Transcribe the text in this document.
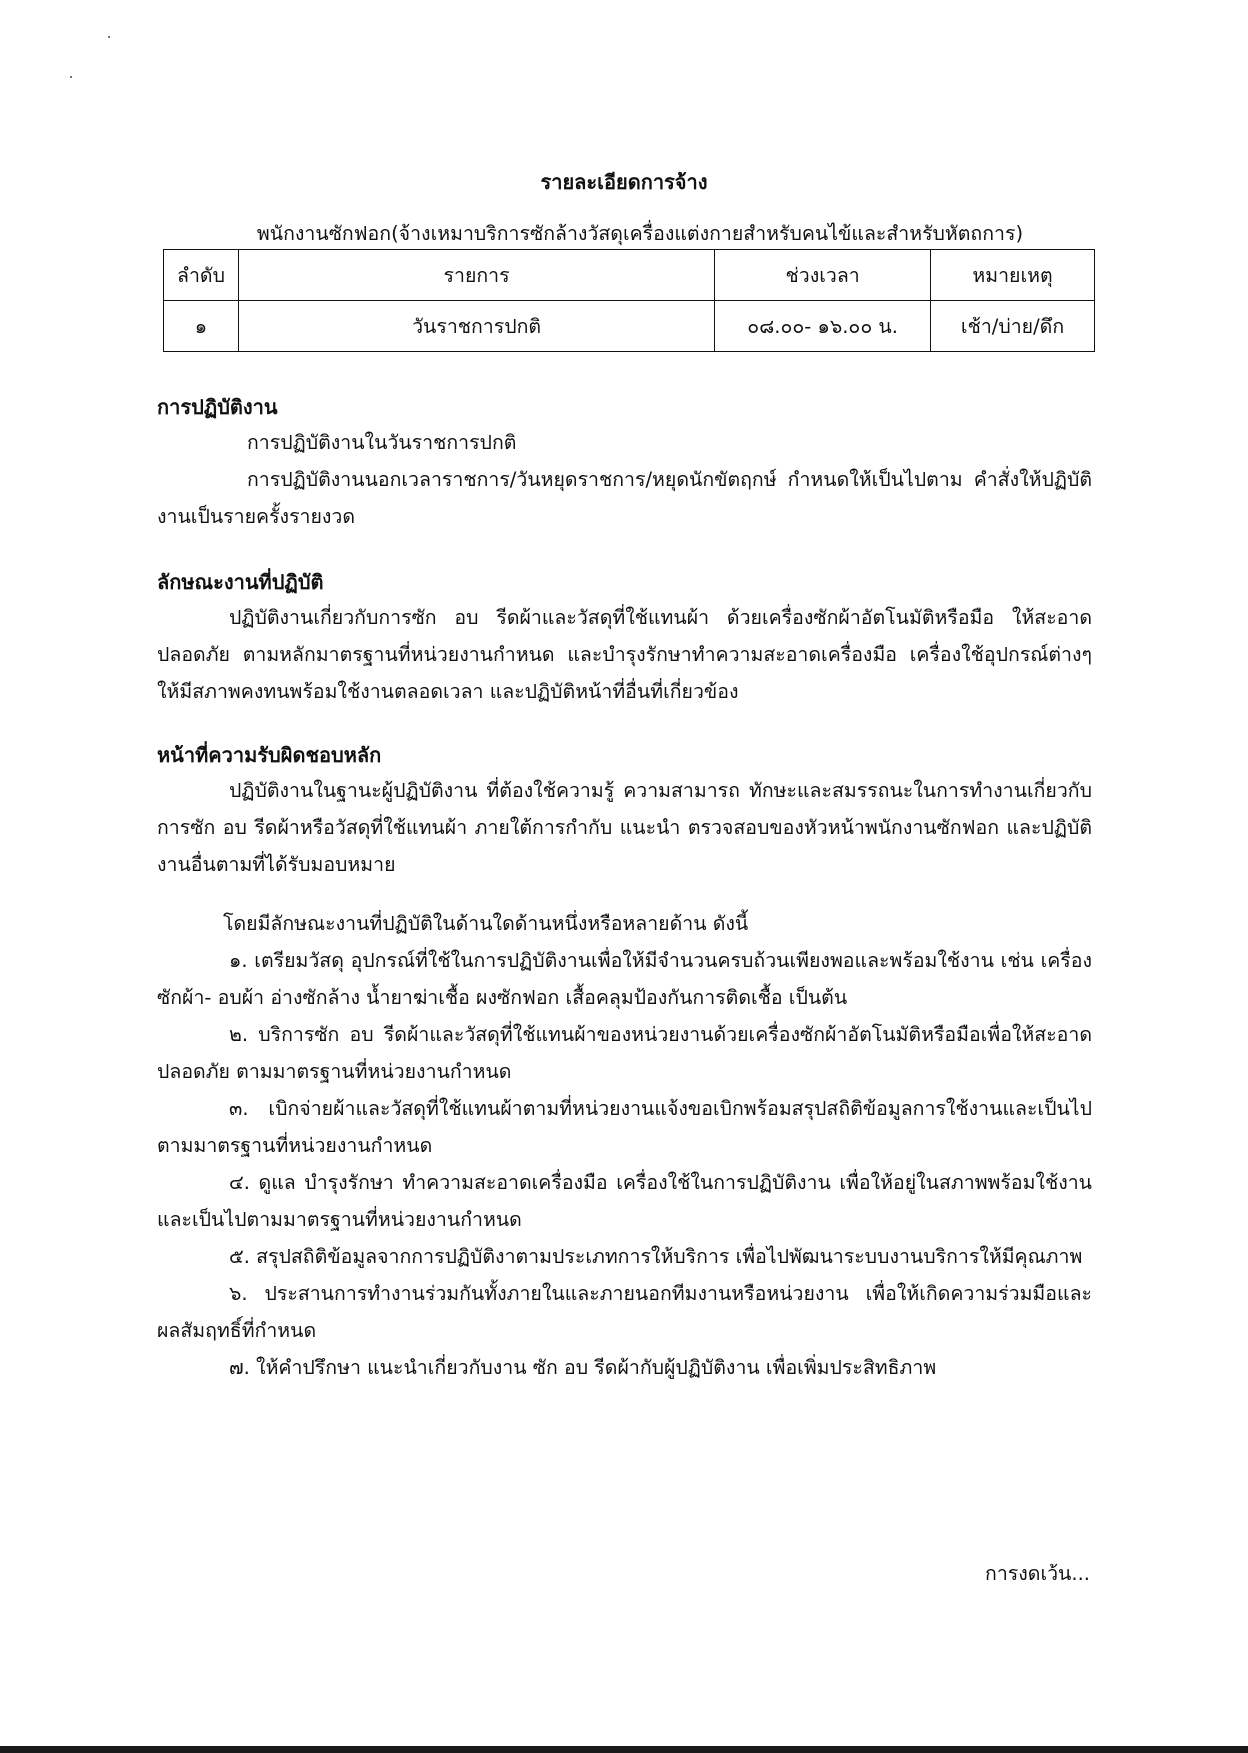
รายละเอียดการจ้าง
พนักงานซักฟอก(จ้างเหมาบริการซักล้างวัสดุเครื่องแต่งกายสำหรับคนไข้และสำหรับหัตถการ)
ลำดับ	รายการ	ช่วงเวลา	หมายเหตุ
๑	วันราชการปกติ	๐๘.๐๐- ๑๖.๐๐ น.	เช้า/บ่าย/ดึก

การปฏิบัติงาน

การปฏิบัติงานในวันราชการปกติ

การปฏิบัติงานนอกเวลาราชการ/วันหยุดราชการ/หยุดนักขัตฤกษ์ กำหนดให้เป็นไปตาม คำสั่งให้ปฏิบัติงานเป็นรายครั้งรายงวด

ลักษณะงานที่ปฏิบัติ

ปฏิบัติงานเกี่ยวกับการซัก อบ รีดผ้าและวัสดุที่ใช้แทนผ้า ด้วยเครื่องซักผ้าอัตโนมัติหรือมือ ให้สะอาด ปลอดภัย ตามหลักมาตรฐานที่หน่วยงานกำหนด และบำรุงรักษาทำความสะอาดเครื่องมือ เครื่องใช้อุปกรณ์ต่างๆให้มีสภาพคงทนพร้อมใช้งานตลอดเวลา และปฏิบัติหน้าที่อื่นที่เกี่ยวข้อง

หน้าที่ความรับผิดชอบหลัก

ปฏิบัติงานในฐานะผู้ปฏิบัติงาน ที่ต้องใช้ความรู้ ความสามารถ ทักษะและสมรรถนะในการทำงานเกี่ยวกับการซัก อบ รีดผ้าหรือวัสดุที่ใช้แทนผ้า ภายใต้การกำกับ แนะนำ ตรวจสอบของหัวหน้าพนักงานซักฟอก และปฏิบัติงานอื่นตามที่ได้รับมอบหมาย

โดยมีลักษณะงานที่ปฏิบัติในด้านใดด้านหนึ่งหรือหลายด้าน ดังนี้

๑. เตรียมวัสดุ อุปกรณ์ที่ใช้ในการปฏิบัติงานเพื่อให้มีจำนวนครบถ้วนเพียงพอและพร้อมใช้งาน เช่น เครื่องซักผ้า- อบผ้า อ่างซักล้าง น้ำยาฆ่าเชื้อ ผงซักฟอก เสื้อคลุมป้องกันการติดเชื้อ เป็นต้น

๒. บริการซัก อบ รีดผ้าและวัสดุที่ใช้แทนผ้าของหน่วยงานด้วยเครื่องซักผ้าอัตโนมัติหรือมือเพื่อให้สะอาด ปลอดภัย ตามมาตรฐานที่หน่วยงานกำหนด

๓. เบิกจ่ายผ้าและวัสดุที่ใช้แทนผ้าตามที่หน่วยงานแจ้งขอเบิกพร้อมสรุปสถิติข้อมูลการใช้งานและเป็นไปตามมาตรฐานที่หน่วยงานกำหนด

๔. ดูแล บำรุงรักษา ทำความสะอาดเครื่องมือ เครื่องใช้ในการปฏิบัติงาน เพื่อให้อยู่ในสภาพพร้อมใช้งานและเป็นไปตามมาตรฐานที่หน่วยงานกำหนด

๕. สรุปสถิติข้อมูลจากการปฏิบัติงาตามประเภทการให้บริการ เพื่อไปพัฒนาระบบงานบริการให้มีคุณภาพ

๖. ประสานการทำงานร่วมกันทั้งภายในและภายนอกทีมงานหรือหน่วยงาน เพื่อให้เกิดความร่วมมือและผลสัมฤทธิ์ที่กำหนด

๗. ให้คำปรึกษา แนะนำเกี่ยวกับงาน ซัก อบ รีดผ้ากับผู้ปฏิบัติงาน เพื่อเพิ่มประสิทธิภาพ

การงดเว้น...
